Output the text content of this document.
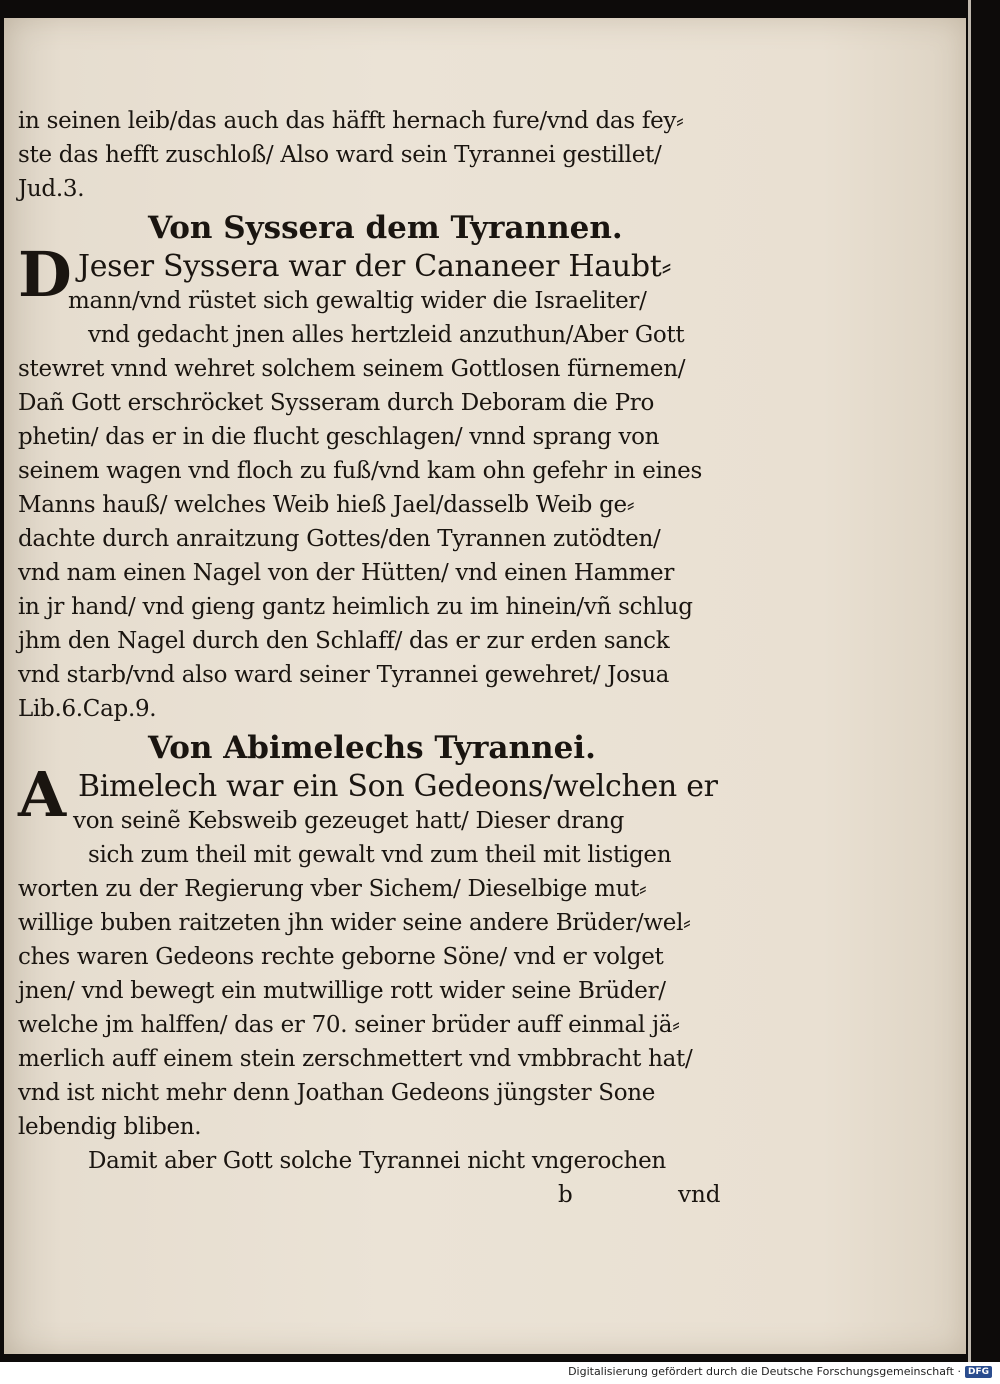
in seinen leib/das auch das häfft hernach fure/vnd das fey⸗
ste das hefft zuschloß/ Also ward sein Tyrannei gestillet/
Jud.3.
Von Syssera dem Tyrannen.
D Jeser Syssera war der Cananeer Haubt⸗
mann/vnd rüstet sich gewaltig wider die Israeliter/
vnd gedacht jnen alles hertzleid anzuthun/Aber Gott
stewret vnnd wehret solchem seinem Gottlosen fürnemen/
Dañ Gott erschröcket Sysseram durch Deboram die Pro
phetin/ das er in die flucht geschlagen/ vnnd sprang von
seinem wagen vnd floch zu fuß/vnd kam ohn gefehr in eines
Manns hauß/ welches Weib hieß Jael/dasselb Weib ge⸗
dachte durch anraitzung Gottes/den Tyrannen zutödten/
vnd nam einen Nagel von der Hütten/ vnd einen Hammer
in jr hand/ vnd gieng gantz heimlich zu im hinein/vñ schlug
jhm den Nagel durch den Schlaff/ das er zur erden sanck
vnd starb/vnd also ward seiner Tyrannei gewehret/ Josua
Lib.6.Cap.9.
Von Abimelechs Tyrannei.
A Bimelech war ein Son Gedeons/welchen er
von seinẽ Kebsweib gezeuget hatt/ Dieser drang
sich zum theil mit gewalt vnd zum theil mit listigen
worten zu der Regierung vber Sichem/ Dieselbige mut⸗
willige buben raitzeten jhn wider seine andere Brüder/wel⸗
ches waren Gedeons rechte geborne Söne/ vnd er volget
jnen/ vnd bewegt ein mutwillige rott wider seine Brüder/
welche jm halffen/ das er 70. seiner brüder auff einmal jä⸗
merlich auff einem stein zerschmettert vnd vmbbracht hat/
vnd ist nicht mehr denn Joathan Gedeons jüngster Sone
lebendig bliben.
Damit aber Gott solche Tyrannei nicht vngerochen
b	vnd
Digitalisierung gefördert durch die Deutsche Forschungsgemeinschaft · DFG
